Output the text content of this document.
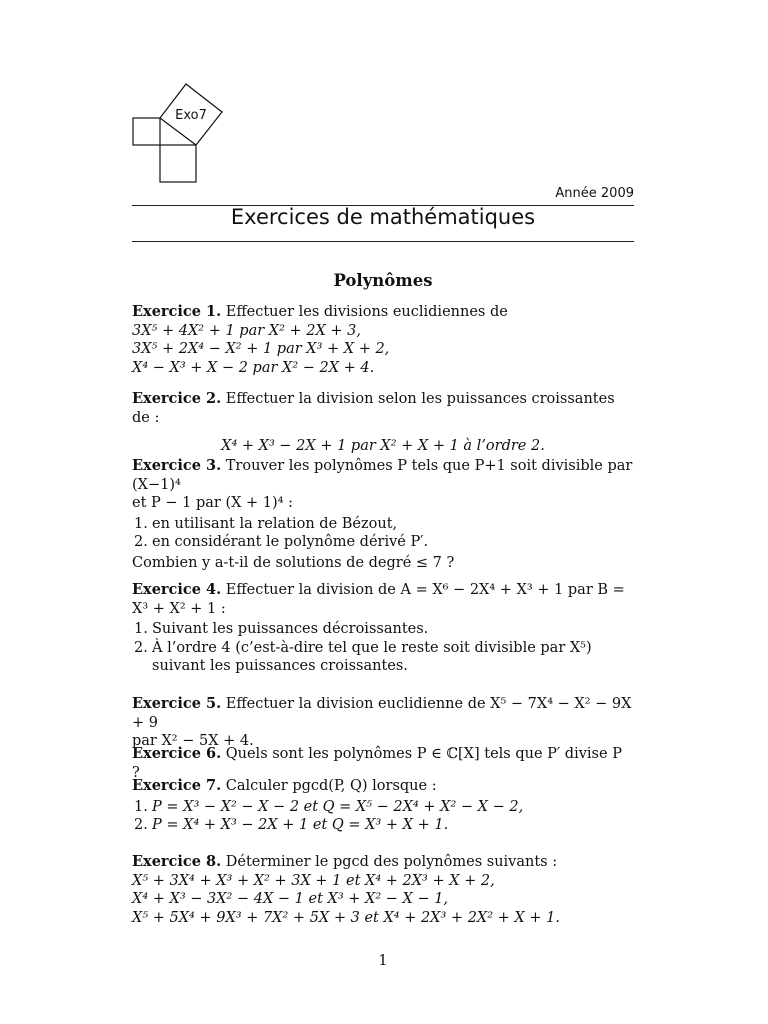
Exo7
Année 2009
Exercices de mathématiques
Polynômes

Exercice 1. Effectuer les divisions euclidiennes de

3X⁵ + 4X² + 1 par X² + 2X + 3,

3X⁵ + 2X⁴ − X² + 1 par X³ + X + 2,

X⁴ − X³ + X − 2 par X² − 2X + 4.

Exercice 2. Effectuer la division selon les puissances croissantes de :

X⁴ + X³ − 2X + 1 par X² + X + 1 à l’ordre 2.

Exercice 3. Trouver les polynômes P tels que P+1 soit divisible par (X−1)⁴

et P − 1 par (X + 1)⁴ :

1. en utilisant la relation de Bézout,
2. en considérant le polynôme dérivé P′.

Combien y a-t-il de solutions de degré ≤ 7 ?

Exercice 4. Effectuer la division de A = X⁶ − 2X⁴ + X³ + 1 par B =

X³ + X² + 1 :

1. Suivant les puissances décroissantes.
2. À l’ordre 4 (c’est-à-dire tel que le reste soit divisible par X⁵) suivant les puissances croissantes.

Exercice 5. Effectuer la division euclidienne de X⁵ − 7X⁴ − X² − 9X + 9

par X² − 5X + 4.

Exercice 6. Quels sont les polynômes P ∈ ℂ[X] tels que P′ divise P ?

Exercice 7. Calculer pgcd(P, Q) lorsque :

1. P = X³ − X² − X − 2 et Q = X⁵ − 2X⁴ + X² − X − 2,
2. P = X⁴ + X³ − 2X + 1 et Q = X³ + X + 1.

Exercice 8. Déterminer le pgcd des polynômes suivants :

X⁵ + 3X⁴ + X³ + X² + 3X + 1 et X⁴ + 2X³ + X + 2,

X⁴ + X³ − 3X² − 4X − 1 et X³ + X² − X − 1,

X⁵ + 5X⁴ + 9X³ + 7X² + 5X + 3 et X⁴ + 2X³ + 2X² + X + 1.

1
